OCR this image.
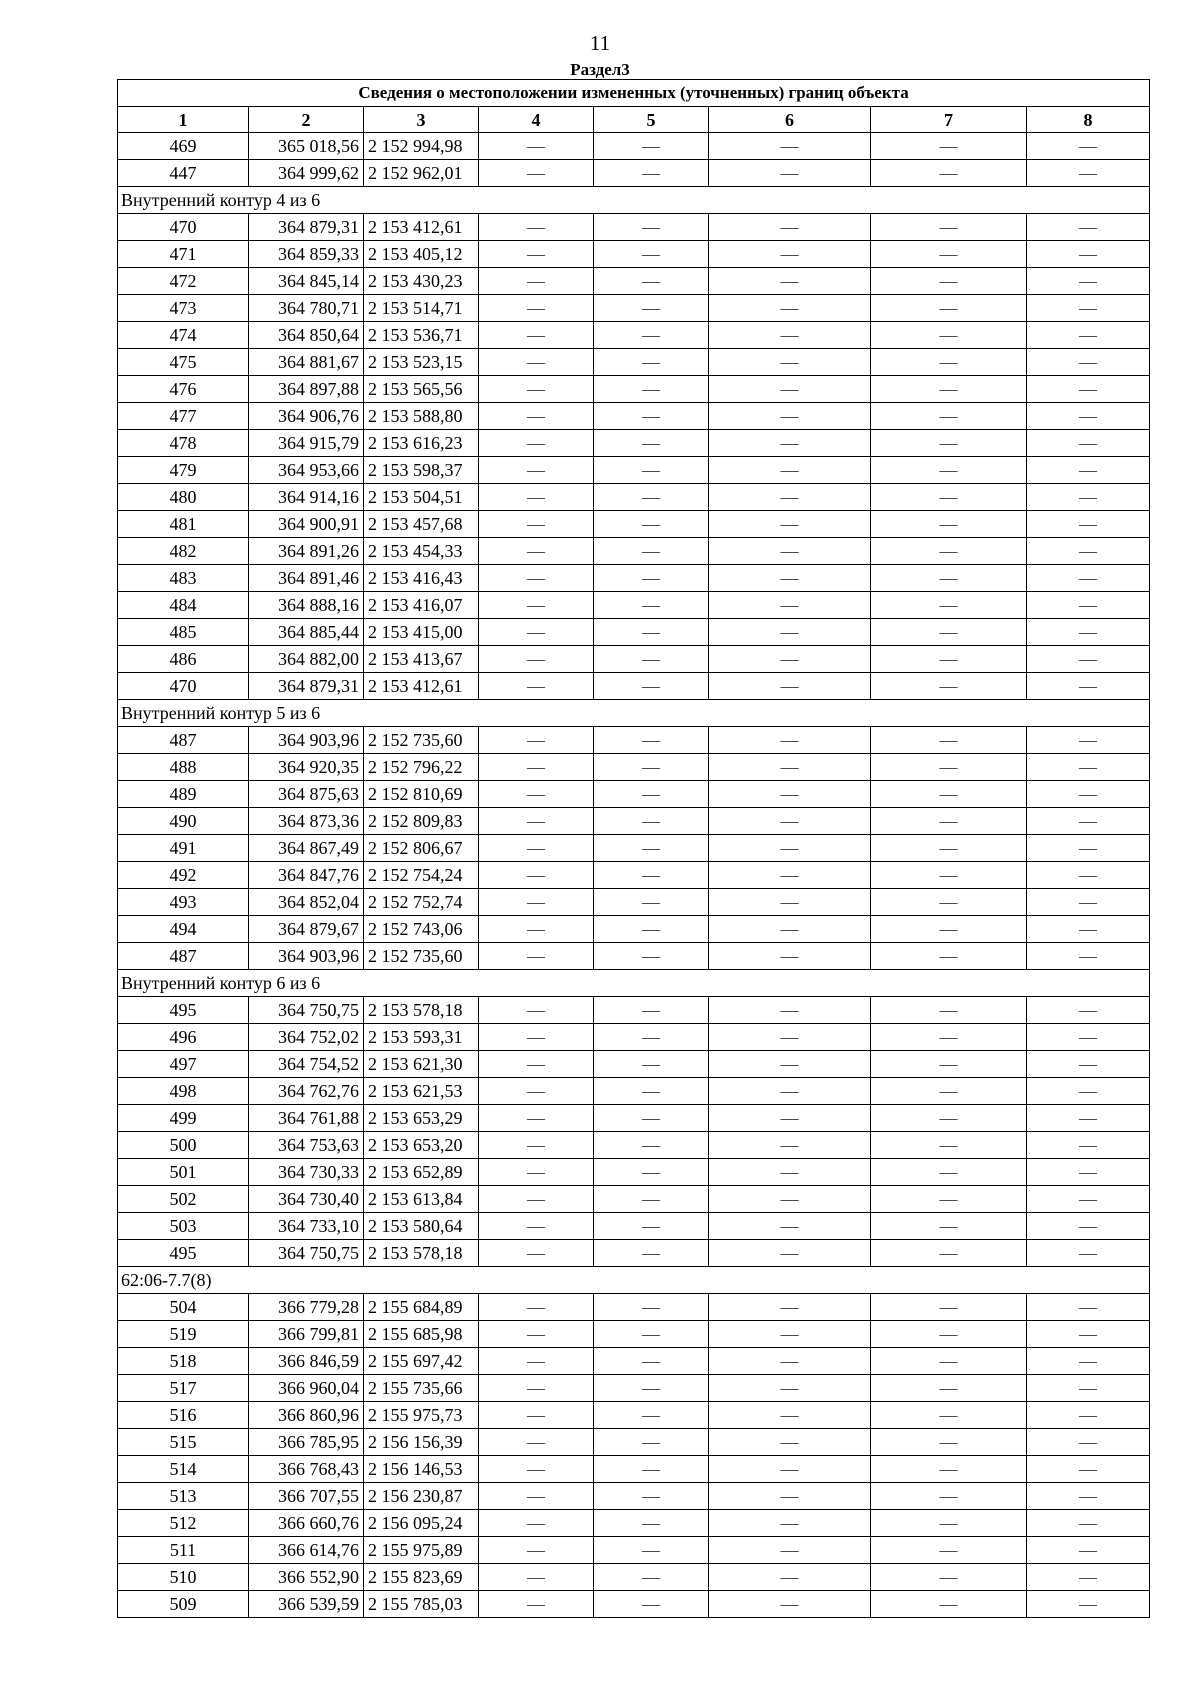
11
Раздел3
Сведения о местоположении измененных (уточненных) границ объекта							
1	2	3	4	5	6	7	8
469	365 018,56	2 152 994,98	—	—	—	—	—
447	364 999,62	2 152 962,01	—	—	—	—	—
Внутренний контур 4 из 6							
470	364 879,31	2 153 412,61	—	—	—	—	—
471	364 859,33	2 153 405,12	—	—	—	—	—
472	364 845,14	2 153 430,23	—	—	—	—	—
473	364 780,71	2 153 514,71	—	—	—	—	—
474	364 850,64	2 153 536,71	—	—	—	—	—
475	364 881,67	2 153 523,15	—	—	—	—	—
476	364 897,88	2 153 565,56	—	—	—	—	—
477	364 906,76	2 153 588,80	—	—	—	—	—
478	364 915,79	2 153 616,23	—	—	—	—	—
479	364 953,66	2 153 598,37	—	—	—	—	—
480	364 914,16	2 153 504,51	—	—	—	—	—
481	364 900,91	2 153 457,68	—	—	—	—	—
482	364 891,26	2 153 454,33	—	—	—	—	—
483	364 891,46	2 153 416,43	—	—	—	—	—
484	364 888,16	2 153 416,07	—	—	—	—	—
485	364 885,44	2 153 415,00	—	—	—	—	—
486	364 882,00	2 153 413,67	—	—	—	—	—
470	364 879,31	2 153 412,61	—	—	—	—	—
Внутренний контур 5 из 6							
487	364 903,96	2 152 735,60	—	—	—	—	—
488	364 920,35	2 152 796,22	—	—	—	—	—
489	364 875,63	2 152 810,69	—	—	—	—	—
490	364 873,36	2 152 809,83	—	—	—	—	—
491	364 867,49	2 152 806,67	—	—	—	—	—
492	364 847,76	2 152 754,24	—	—	—	—	—
493	364 852,04	2 152 752,74	—	—	—	—	—
494	364 879,67	2 152 743,06	—	—	—	—	—
487	364 903,96	2 152 735,60	—	—	—	—	—
Внутренний контур 6 из 6							
495	364 750,75	2 153 578,18	—	—	—	—	—
496	364 752,02	2 153 593,31	—	—	—	—	—
497	364 754,52	2 153 621,30	—	—	—	—	—
498	364 762,76	2 153 621,53	—	—	—	—	—
499	364 761,88	2 153 653,29	—	—	—	—	—
500	364 753,63	2 153 653,20	—	—	—	—	—
501	364 730,33	2 153 652,89	—	—	—	—	—
502	364 730,40	2 153 613,84	—	—	—	—	—
503	364 733,10	2 153 580,64	—	—	—	—	—
495	364 750,75	2 153 578,18	—	—	—	—	—
62:06-7.7(8)							
504	366 779,28	2 155 684,89	—	—	—	—	—
519	366 799,81	2 155 685,98	—	—	—	—	—
518	366 846,59	2 155 697,42	—	—	—	—	—
517	366 960,04	2 155 735,66	—	—	—	—	—
516	366 860,96	2 155 975,73	—	—	—	—	—
515	366 785,95	2 156 156,39	—	—	—	—	—
514	366 768,43	2 156 146,53	—	—	—	—	—
513	366 707,55	2 156 230,87	—	—	—	—	—
512	366 660,76	2 156 095,24	—	—	—	—	—
511	366 614,76	2 155 975,89	—	—	—	—	—
510	366 552,90	2 155 823,69	—	—	—	—	—
509	366 539,59	2 155 785,03	—	—	—	—	—
